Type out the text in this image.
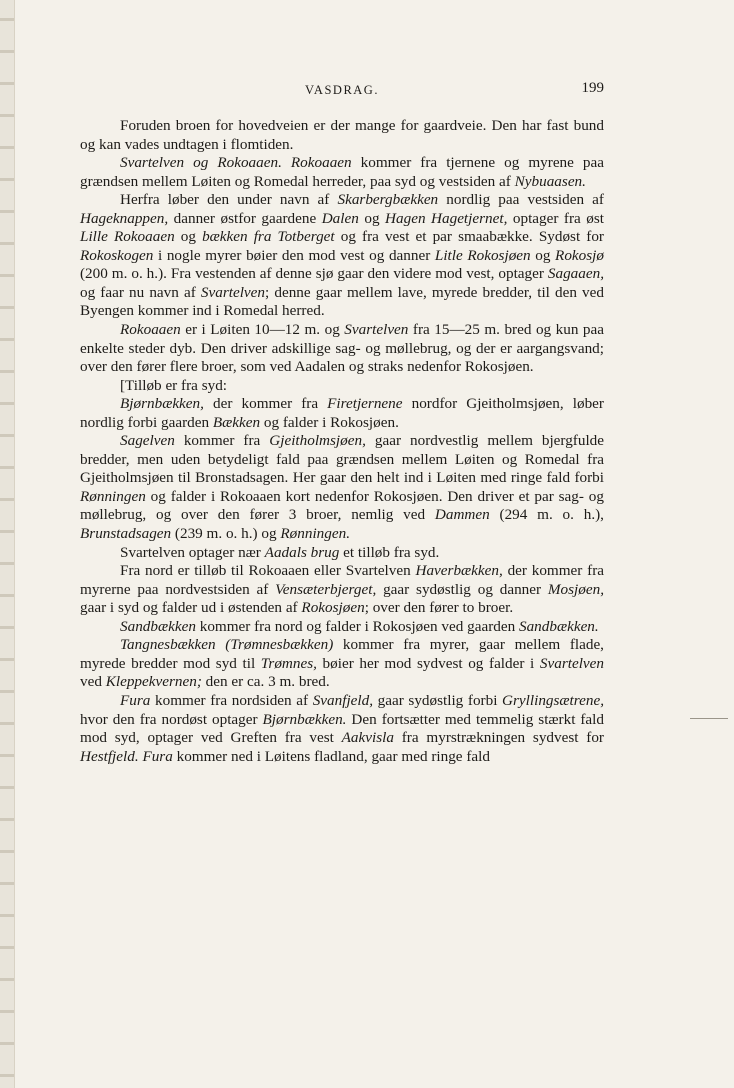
VASDRAG.	199

Foruden broen for hovedveien er der mange for gaardveie. Den har fast bund og kan vades undtagen i flomtiden.

Svartelven og Rokoaaen. Rokoaaen kommer fra tjernene og myrene paa grændsen mellem Løiten og Romedal herreder, paa syd og vestsiden af Nybuaasen.

Herfra løber den under navn af Skarbergbækken nordlig paa vestsiden af Hageknappen, danner østfor gaardene Dalen og Hagen Hagetjernet, optager fra øst Lille Rokoaaen og bækken fra Totberget og fra vest et par smaabække. Sydøst for Rokoskogen i nogle myrer bøier den mod vest og danner Litle Rokosjøen og Rokosjø (200 m. o. h.). Fra vestenden af denne sjø gaar den videre mod vest, optager Sagaaen, og faar nu navn af Svartelven; denne gaar mellem lave, myrede bredder, til den ved Byengen kommer ind i Romedal herred.

Rokoaaen er i Løiten 10—12 m. og Svartelven fra 15—25 m. bred og kun paa enkelte steder dyb. Den driver adskillige sag- og møllebrug, og der er aargangsvand; over den fører flere broer, som ved Aadalen og straks nedenfor Rokosjøen.

[Tilløb er fra syd:

Bjørnbækken, der kommer fra Firetjernene nordfor Gjeitholmsjøen, løber nordlig forbi gaarden Bækken og falder i Rokosjøen.

Sagelven kommer fra Gjeitholmsjøen, gaar nordvestlig mellem bjergfulde bredder, men uden betydeligt fald paa grændsen mellem Løiten og Romedal fra Gjeitholmsjøen til Bronstadsagen. Her gaar den helt ind i Løiten med ringe fald forbi Rønningen og falder i Rokoaaen kort nedenfor Rokosjøen. Den driver et par sag- og møllebrug, og over den fører 3 broer, nemlig ved Dammen (294 m. o. h.), Brunstadsagen (239 m. o. h.) og Rønningen.

Svartelven optager nær Aadals brug et tilløb fra syd.

Fra nord er tilløb til Rokoaaen eller Svartelven Haverbækken, der kommer fra myrerne paa nordvestsiden af Vensæterbjerget, gaar sydøstlig og danner Mosjøen, gaar i syd og falder ud i østenden af Rokosjøen; over den fører to broer.

Sandbækken kommer fra nord og falder i Rokosjøen ved gaarden Sandbækken.

Tangnesbækken (Trømnesbækken) kommer fra myrer, gaar mellem flade, myrede bredder mod syd til Trømnes, bøier her mod sydvest og falder i Svartelven ved Kleppekvernen; den er ca. 3 m. bred.

Fura kommer fra nordsiden af Svanfjeld, gaar sydøstlig forbi Gryllingsætrene, hvor den fra nordøst optager Bjørnbækken. Den fortsætter med temmelig stærkt fald mod syd, optager ved Greften fra vest Aakvisla fra myrstrækningen sydvest for Hestfjeld. Fura kommer ned i Løitens fladland, gaar med ringe fald
